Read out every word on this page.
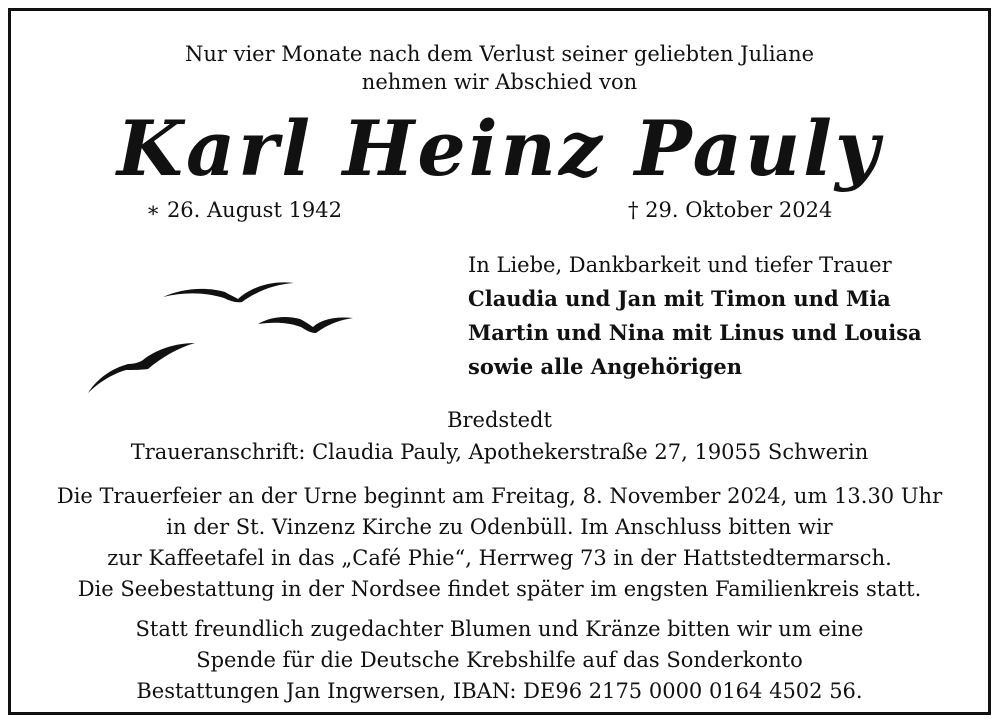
Nur vier Monate nach dem Verlust seiner geliebten Juliane
nehmen wir Abschied von
Karl Heinz Pauly
∗ 26. August 1942	† 29. Oktober 2024
In Liebe, Dankbarkeit und tiefer Trauer
Claudia und Jan mit Timon und Mia
Martin und Nina mit Linus und Louisa
sowie alle Angehörigen
Bredstedt
Traueranschrift: Claudia Pauly, Apothekerstraße 27, 19055 Schwerin
Die Trauerfeier an der Urne beginnt am Freitag, 8. November 2024, um 13.30 Uhr
in der St. Vinzenz Kirche zu Odenbüll. Im Anschluss bitten wir
zur Kaffeetafel in das „Café Phie“, Herrweg 73 in der Hattstedtermarsch.
Die Seebestattung in der Nordsee findet später im engsten Familienkreis statt.
Statt freundlich zugedachter Blumen und Kränze bitten wir um eine
Spende für die Deutsche Krebshilfe auf das Sonderkonto
Bestattungen Jan Ingwersen, IBAN: DE96 2175 0000 0164 4502 56.
